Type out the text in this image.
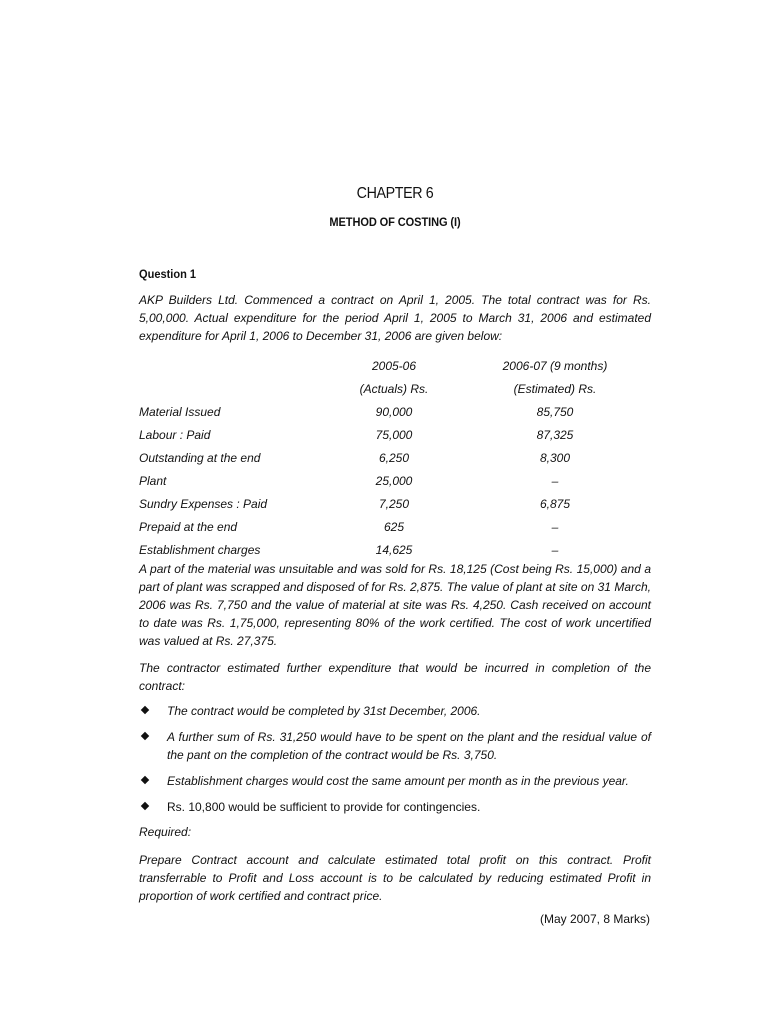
CHAPTER 6
METHOD OF COSTING (I)
Question 1

AKP Builders Ltd. Commenced a contract on April 1, 2005. The total contract was for Rs. 5,00,000. Actual expenditure for the period April 1, 2005 to March 31, 2006 and estimated expenditure for April 1, 2006 to December 31, 2006 are given below:

	2005-06	2006-07 (9 months)
	(Actuals) Rs.	(Estimated) Rs.
Material Issued	90,000	85,750
Labour : Paid	75,000	87,325
Outstanding at the end	6,250	8,300
Plant	25,000	–
Sundry Expenses : Paid	7,250	6,875
Prepaid at the end	625	–
Establishment charges	14,625	–

A part of the material was unsuitable and was sold for Rs. 18,125 (Cost being Rs. 15,000) and a part of plant was scrapped and disposed of for Rs. 2,875. The value of plant at site on 31 March, 2006 was Rs. 7,750 and the value of material at site was Rs. 4,250. Cash received on account to date was Rs. 1,75,000, representing 80% of the work certified. The cost of work uncertified was valued at Rs. 27,375.

The contractor estimated further expenditure that would be incurred in completion of the contract:

The contract would be completed by 31st December, 2006.
A further sum of Rs. 31,250 would have to be spent on the plant and the residual value of the pant on the completion of the contract would be Rs. 3,750.
Establishment charges would cost the same amount per month as in the previous year.
Rs. 10,800 would be sufficient to provide for contingencies.
Required:

Prepare Contract account and calculate estimated total profit on this contract. Profit transferrable to Profit and Loss account is to be calculated by reducing estimated Profit in proportion of work certified and contract price.

(May 2007, 8 Marks)
